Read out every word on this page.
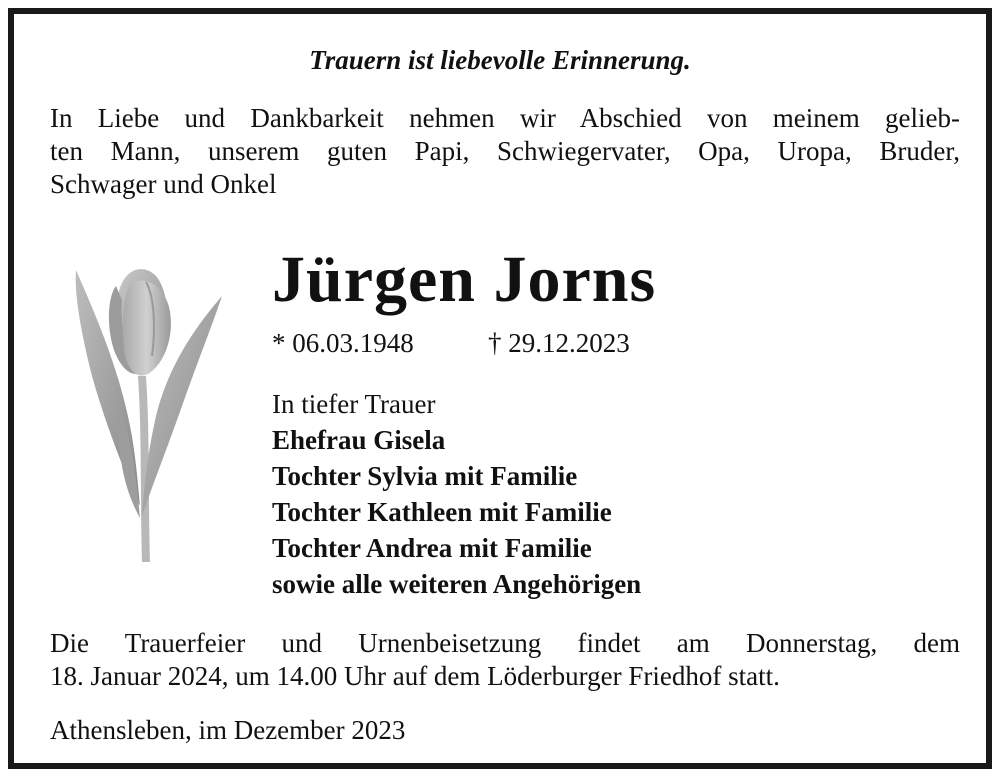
Trauern ist liebevolle Erinnerung.
In Liebe und Dankbarkeit nehmen wir Abschied von meinem gelieb-
ten Mann, unserem guten Papi, Schwiegervater, Opa, Uropa, Bruder,
Schwager und Onkel
Jürgen Jorns
* 06.03.1948	† 29.12.2023
In tiefer Trauer
Ehefrau Gisela
Tochter Sylvia mit Familie
Tochter Kathleen mit Familie
Tochter Andrea mit Familie
sowie alle weiteren Angehörigen
Die Trauerfeier und Urnenbeisetzung findet am Donnerstag, dem
18. Januar 2024, um 14.00 Uhr auf dem Löderburger Friedhof statt.
Athensleben, im Dezember 2023
